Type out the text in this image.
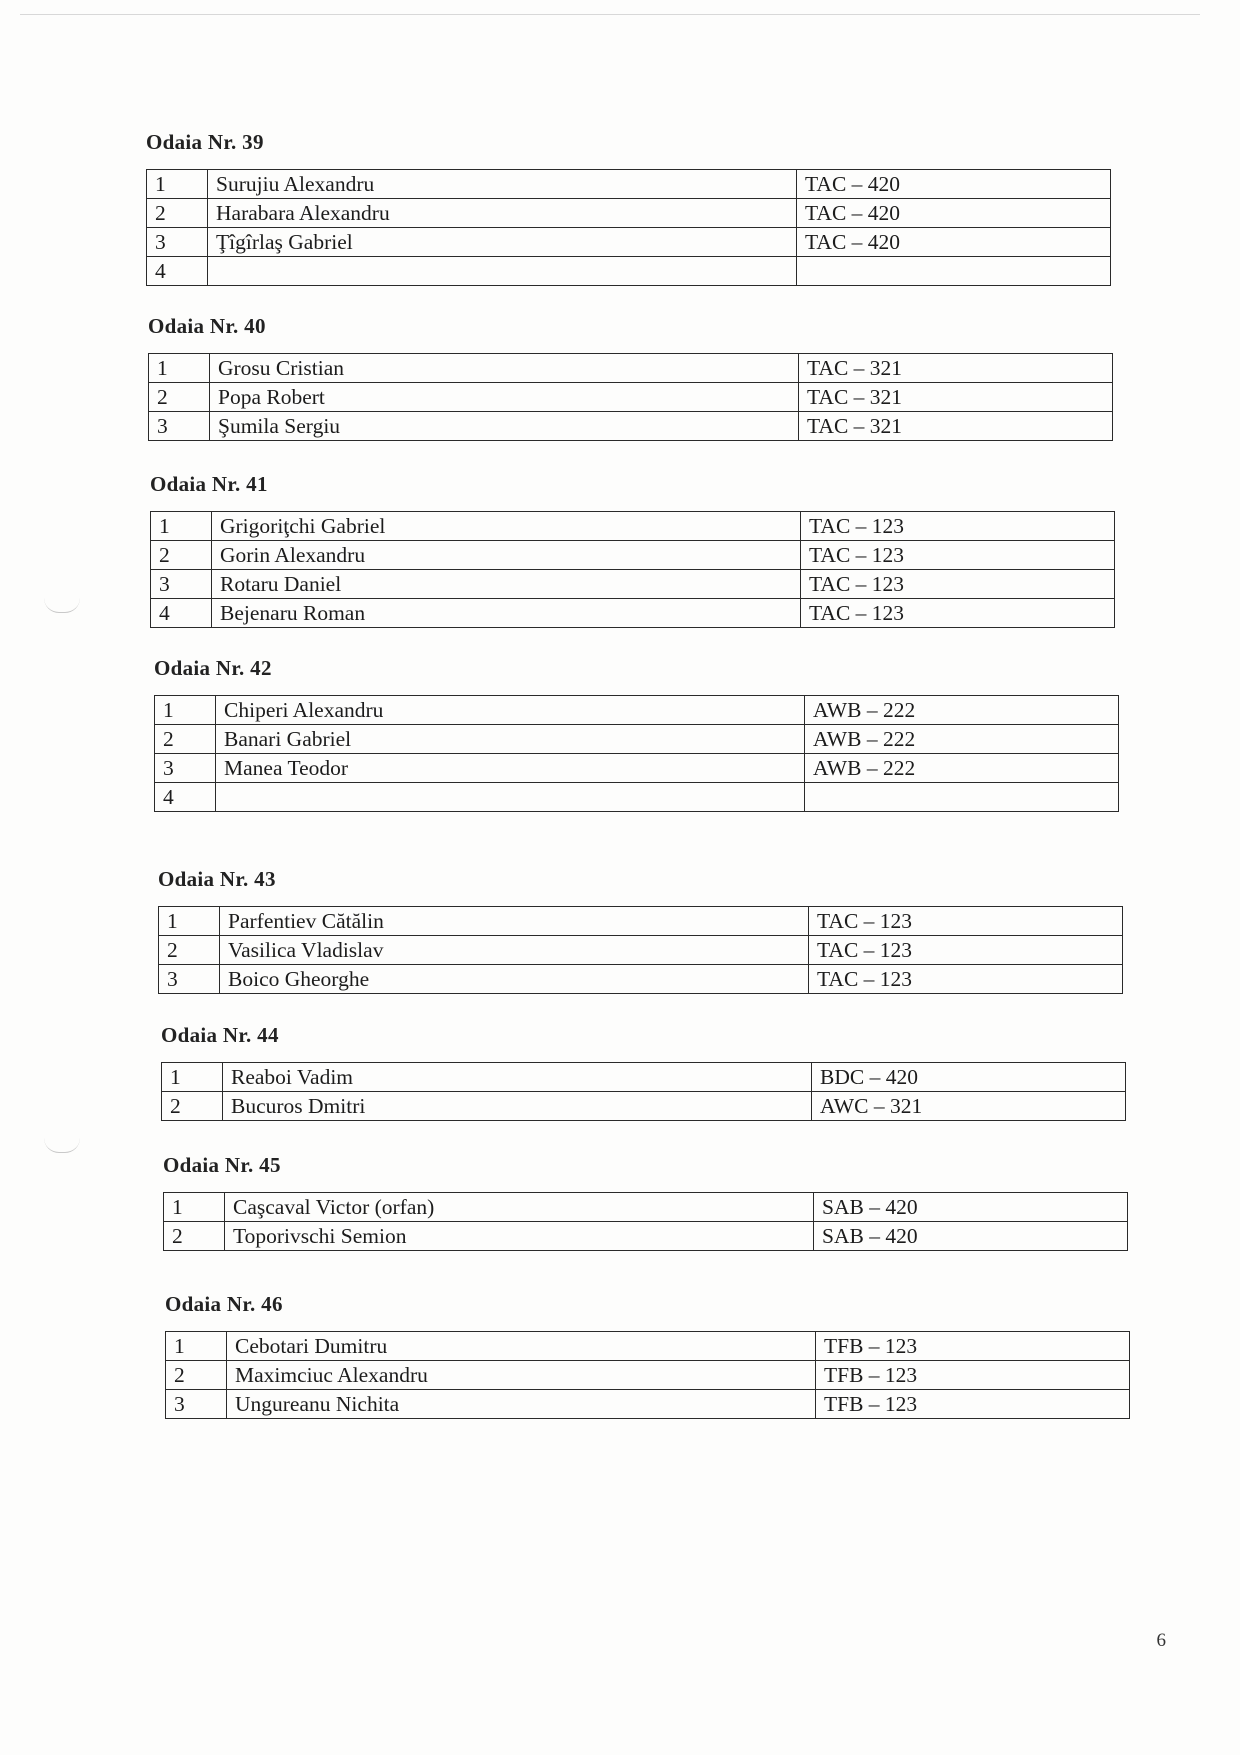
Odaia Nr. 39
1	Surujiu Alexandru	TAC – 420
2	Harabara Alexandru	TAC – 420
3	Ţîgîrlaş Gabriel	TAC – 420
4		
Odaia Nr. 40
1	Grosu Cristian	TAC – 321
2	Popa Robert	TAC – 321
3	Şumila Sergiu	TAC – 321
Odaia Nr. 41
1	Grigoriţchi Gabriel	TAC – 123
2	Gorin Alexandru	TAC – 123
3	Rotaru Daniel	TAC – 123
4	Bejenaru Roman	TAC – 123
Odaia Nr. 42
1	Chiperi Alexandru	AWB – 222
2	Banari Gabriel	AWB – 222
3	Manea Teodor	AWB – 222
4		
Odaia Nr. 43
1	Parfentiev Cătălin	TAC – 123
2	Vasilica Vladislav	TAC – 123
3	Boico Gheorghe	TAC – 123
Odaia Nr. 44
1	Reaboi Vadim	BDC – 420
2	Bucuros Dmitri	AWC – 321
Odaia Nr. 45
1	Caşcaval Victor (orfan)	SAB – 420
2	Toporivschi Semion	SAB – 420
Odaia Nr. 46
1	Cebotari Dumitru	TFB – 123
2	Maximciuc Alexandru	TFB – 123
3	Ungureanu Nichita	TFB – 123
6
